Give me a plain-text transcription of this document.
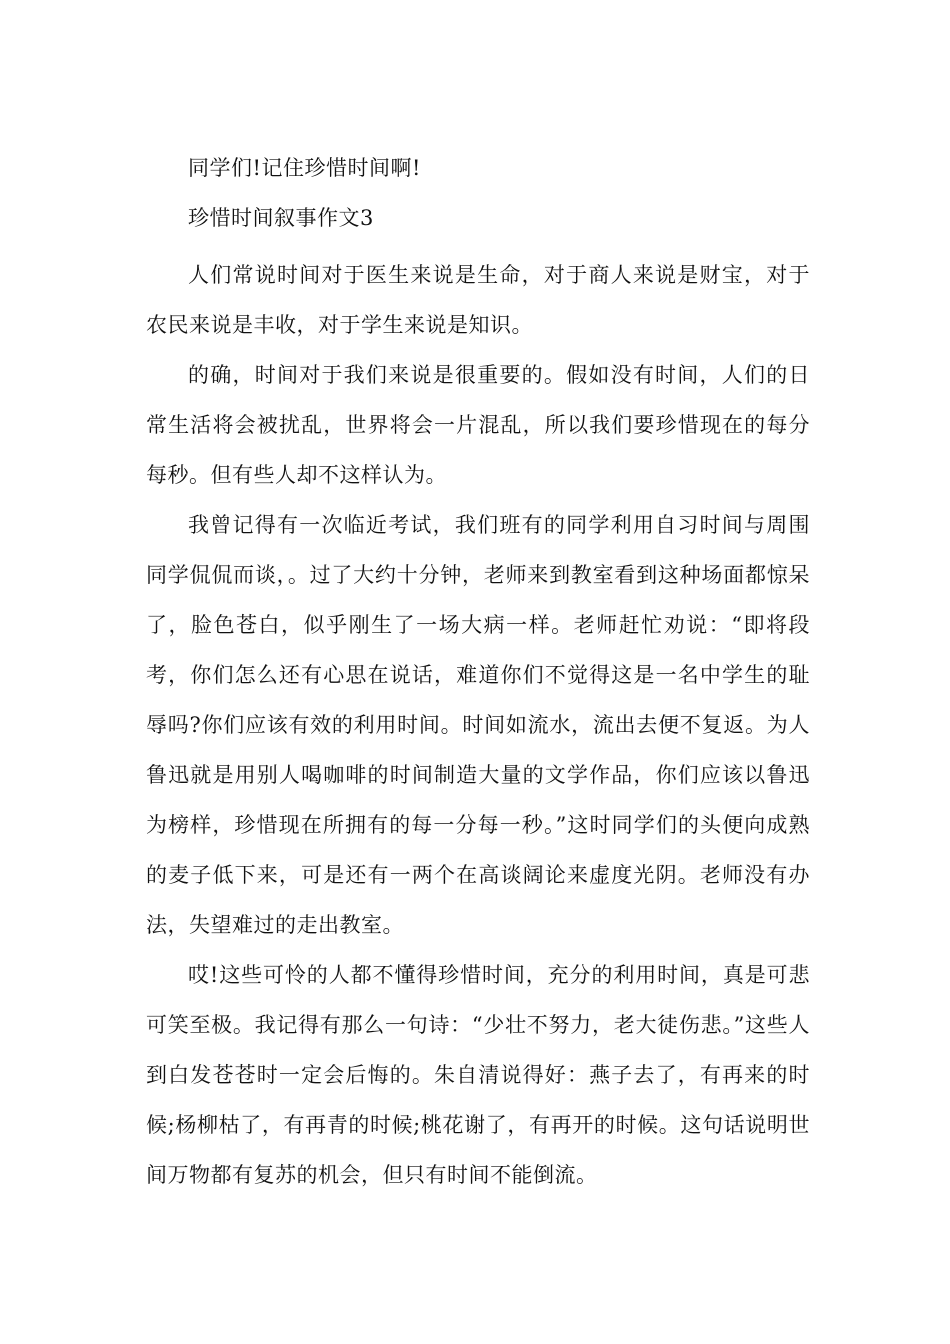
同学们!记住珍惜时间啊!

珍惜时间叙事作文3

人们常说时间对于医生来说是生命，对于商人来说是财宝，对于农民来说是丰收，对于学生来说是知识。

的确，时间对于我们来说是很重要的。假如没有时间，人们的日常生活将会被扰乱，世界将会一片混乱，所以我们要珍惜现在的每分每秒。但有些人却不这样认为。

我曾记得有一次临近考试，我们班有的同学利用自习时间与周围同学侃侃而谈，。过了大约十分钟，老师来到教室看到这种场面都惊呆了，脸色苍白，似乎刚生了一场大病一样。老师赶忙劝说：“即将段考，你们怎么还有心思在说话，难道你们不觉得这是一名中学生的耻辱吗?你们应该有效的利用时间。时间如流水，流出去便不复返。为人鲁迅就是用别人喝咖啡的时间制造大量的文学作品，你们应该以鲁迅为榜样，珍惜现在所拥有的每一分每一秒。”这时同学们的头便向成熟的麦子低下来，可是还有一两个在高谈阔论来虚度光阴。老师没有办法，失望难过的走出教室。

哎!这些可怜的人都不懂得珍惜时间，充分的利用时间，真是可悲可笑至极。我记得有那么一句诗：“少壮不努力，老大徒伤悲。”这些人到白发苍苍时一定会后悔的。朱自清说得好：燕子去了，有再来的时候;杨柳枯了，有再青的时候;桃花谢了，有再开的时候。这句话说明世间万物都有复苏的机会，但只有时间不能倒流。
